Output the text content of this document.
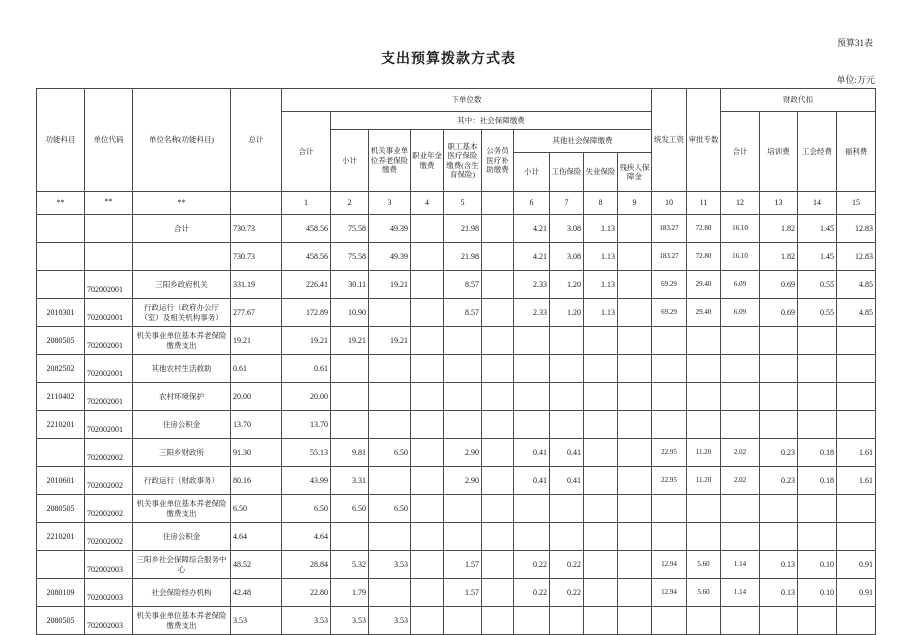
预算31表
支出预算拨款方式表
单位:万元
功能科目	单位代码	单位名称(功能科目)	总计	下单位数										统发工资	审批专数	财政代扣			
				合计	其中：社会保障缴费											合计	培训费	工会经费	福利费
					小计	机关事业单位养老保险缴费	职业年金缴费	职工基本医疗保险缴费(含生育保险)	公务员医疗补助缴费	其他社会保障缴费									
										小计	工伤保险	失业保险	残疾人保障金						
**	**	**		1	2	3	4	5		6	7	8	9	10	11	12	13	14	15
		合计	730.73	458.56	75.58	49.39		21.98		4.21	3.08	1.13		183.27	72.80	16.10	1.82	1.45	12.83
			730.73	458.56	75.58	49.39		21.98		4.21	3.08	1.13		183.27	72.80	16.10	1.82	1.45	12.83
	702002001	三阳乡政府机关	331.19	226.41	30.11	19.21		8.57		2.33	1.20	1.13		69.29	29.40	6.09	0.69	0.55	4.85
2010301	702002001	行政运行（政府办公厅（室）及相关机构事务）	277.67	172.89	10.90			8.57		2.33	1.20	1.13		69.29	29.40	6.09	0.69	0.55	4.85
2080505	702002001	机关事业单位基本养老保险缴费支出	19.21	19.21	19.21	19.21													
2082502	702002001	其他农村生活救助	0.61	0.61															
2110402	702002001	农村环境保护	20.00	20.00															
2210201	702002001	住房公积金	13.70	13.70															
	702002002	三阳乡财政所	91.30	55.13	9.81	6.50		2.90		0.41	0.41			22.95	11.20	2.02	0.23	0.18	1.61
2010601	702002002	行政运行（财政事务）	80.16	43.99	3.31			2.90		0.41	0.41			22.95	11.20	2.02	0.23	0.18	1.61
2080505	702002002	机关事业单位基本养老保险缴费支出	6.50	6.50	6.50	6.50													
2210201	702002002	住房公积金	4.64	4.64															
	702002003	三阳乡社会保障综合服务中心	48.52	28.84	5.32	3.53		1.57		0.22	0.22			12.94	5.60	1.14	0.13	0.10	0.91
2080109	702002003	社会保险经办机构	42.48	22.80	1.79			1.57		0.22	0.22			12.94	5.60	1.14	0.13	0.10	0.91
2080505	702002003	机关事业单位基本养老保险缴费支出	3.53	3.53	3.53	3.53													
